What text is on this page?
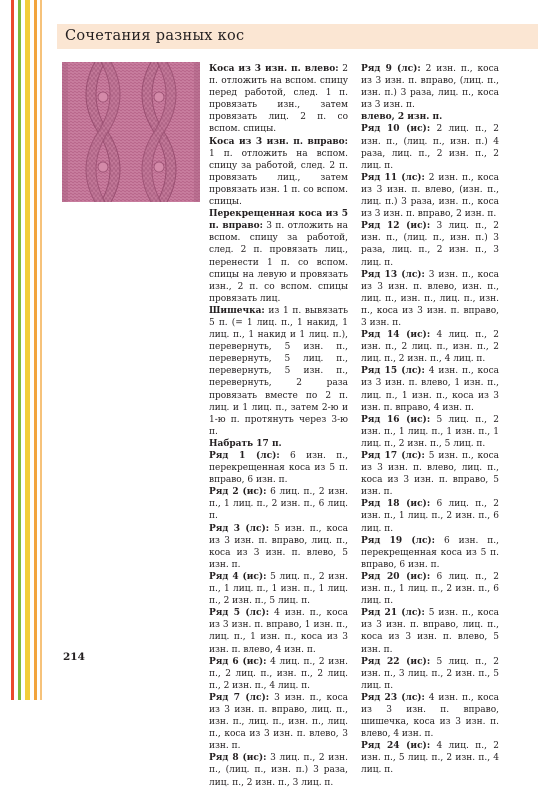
Сочетания разных кос

Коса из 3 изн. п. влево: 2 п. отложить на вспом. спицу перед работой, след. 1 п. провязать изн., затем провязать лиц. 2 п. со вспом. спицы.

Коса из 3 изн. п. вправо: 1 п. отложить на вспом. спицу за работой, след. 2 п. провязать лиц., затем провязать изн. 1 п. со вспом. спицы.

Перекрещенная коса из 5 п. вправо: 3 п. отложить на вспом. спицу за работой, след. 2 п. провязать лиц., перенести 1 п. со вспом. спицы на левую и провязать изн., 2 п. со вспом. спицы провязать лиц.

Шишечка: из 1 п. вывязать 5 п. (= 1 лиц. п., 1 накид, 1 лиц. п., 1 накид и 1 лиц. п.), перевернуть, 5 изн. п., перевернуть, 5 лиц. п., перевернуть, 5 изн. п., перевернуть, 2 раза провязать вместе по 2 п. лиц. и 1 лиц. п., затем 2-ю и 1-ю п. протянуть через 3-ю п.

Набрать 17 п.

Ряд 1 (лс): 6 изн. п., перекрещенная коса из 5 п. вправо, 6 изн. п.

Ряд 2 (ис): 6 лиц. п., 2 изн. п., 1 лиц. п., 2 изн. п., 6 лиц. п.

Ряд 3 (лс): 5 изн. п., коса из 3 изн. п. вправо, лиц. п., коса из 3 изн. п. влево, 5 изн. п.

Ряд 4 (ис): 5 лиц. п., 2 изн. п., 1 лиц. п., 1 изн. п., 1 лиц. п., 2 изн. п., 5 лиц. п.

Ряд 5 (лс): 4 изн. п., коса из 3 изн. п. вправо, 1 изн. п., лиц. п., 1 изн. п., коса из 3 изн. п. влево, 4 изн. п.

Ряд 6 (ис): 4 лиц. п., 2 изн. п., 2 лиц. п., изн. п., 2 лиц. п., 2 изн. п., 4 лиц. п.

Ряд 7 (лс): 3 изн. п., коса из 3 изн. п. вправо, лиц. п., изн. п., лиц. п., изн. п., лиц. п., коса из 3 изн. п. влево, 3 изн. п.

Ряд 8 (ис): 3 лиц. п., 2 изн. п., (лиц. п., изн. п.) 3 раза, лиц. п., 2 изн. п., 3 лиц. п.

Ряд 9 (лс): 2 изн. п., коса из 3 изн. п. вправо, (лиц. п., изн. п.) 3 раза, лиц. п., коса из 3 изн. п.

влево, 2 изн. п.

Ряд 10 (ис): 2 лиц. п., 2 изн. п., (лиц. п., изн. п.) 4 раза, лиц. п., 2 изн. п., 2 лиц. п.

Ряд 11 (лс): 2 изн. п., коса из 3 изн. п. влево, (изн. п., лиц. п.) 3 раза, изн. п., коса из 3 изн. п. вправо, 2 изн. п.

Ряд 12 (ис): 3 лиц. п., 2 изн. п., (лиц. п., изн. п.) 3 раза, лиц. п., 2 изн. п., 3 лиц. п.

Ряд 13 (лс): 3 изн. п., коса из 3 изн. п. влево, изн. п., лиц. п., изн. п., лиц. п., изн. п., коса из 3 изн. п. вправо, 3 изн. п.

Ряд 14 (ис): 4 лиц. п., 2 изн. п., 2 лиц. п., изн. п., 2 лиц. п., 2 изн. п., 4 лиц. п.

Ряд 15 (лс): 4 изн. п., коса из 3 изн. п. влево, 1 изн. п., лиц. п., 1 изн. п., коса из 3 изн. п. вправо, 4 изн. п.

Ряд 16 (ис): 5 лиц. п., 2 изн. п., 1 лиц. п., 1 изн. п., 1 лиц. п., 2 изн. п., 5 лиц. п.

Ряд 17 (лс): 5 изн. п., коса из 3 изн. п. влево, лиц. п., коса из 3 изн. п. вправо, 5 изн. п.

Ряд 18 (ис): 6 лиц. п., 2 изн. п., 1 лиц. п., 2 изн. п., 6 лиц. п.

Ряд 19 (лс): 6 изн. п., перекрещенная коса из 5 п. вправо, 6 изн. п.

Ряд 20 (ис): 6 лиц. п., 2 изн. п., 1 лиц. п., 2 изн. п., 6 лиц. п.

Ряд 21 (лс): 5 изн. п., коса из 3 изн. п. вправо, лиц. п., коса из 3 изн. п. влево, 5 изн. п.

Ряд 22 (ис): 5 лиц. п., 2 изн. п., 3 лиц. п., 2 изн. п., 5 лиц. п.

Ряд 23 (лс): 4 изн. п., коса из 3 изн. п. вправо, шишечка, коса из 3 изн. п. влево, 4 изн. п.

Ряд 24 (ис): 4 лиц. п., 2 изн. п., 5 лиц. п., 2 изн. п., 4 лиц. п.

214
